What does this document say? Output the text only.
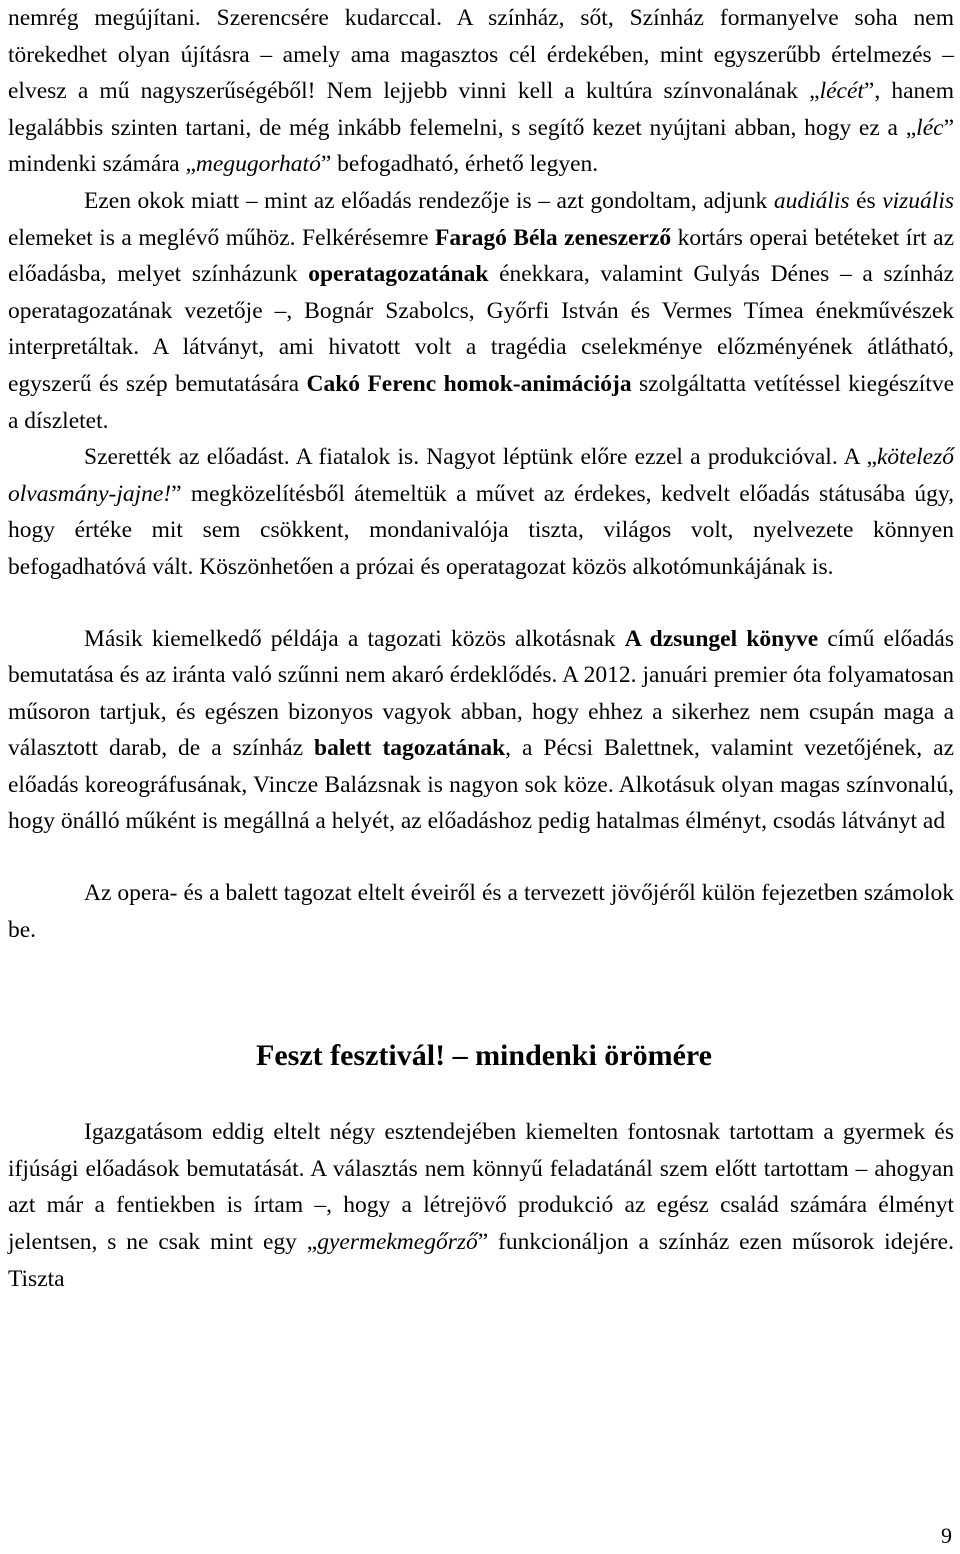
nemrég megújítani. Szerencsére kudarccal. A színház, sőt, Színház formanyelve soha nem törekedhet olyan újításra – amely ama magasztos cél érdekében, mint egyszerűbb értelmezés – elvesz a mű nagyszerűségéből! Nem lejjebb vinni kell a kultúra színvonalának „lécét”, hanem legalábbis szinten tartani, de még inkább felemelni, s segítő kezet nyújtani abban, hogy ez a „léc” mindenki számára „megugorható” befogadható, érhető legyen.

Ezen okok miatt – mint az előadás rendezője is – azt gondoltam, adjunk audiális és vizuális elemeket is a meglévő műhöz. Felkérésemre Faragó Béla zeneszerző kortárs operai betéteket írt az előadásba, melyet színházunk operatagozatának énekkara, valamint Gulyás Dénes – a színház operatagozatának vezetője –, Bognár Szabolcs, Győrfi István és Vermes Tímea énekművészek interpretáltak. A látványt, ami hivatott volt a tragédia cselekménye előzményének átlátható, egyszerű és szép bemutatására Cakó Ferenc homok-animációja szolgáltatta vetítéssel kiegészítve a díszletet.

Szerették az előadást. A fiatalok is. Nagyot léptünk előre ezzel a produkcióval. A „kötelező olvasmány-jajne!” megközelítésből átemeltük a művet az érdekes, kedvelt előadás státusába úgy, hogy értéke mit sem csökkent, mondanivalója tiszta, világos volt, nyelvezete könnyen befogadhatóvá vált. Köszönhetően a prózai és operatagozat közös alkotómunkájának is.

Másik kiemelkedő példája a tagozati közös alkotásnak A dzsungel könyve című előadás bemutatása és az iránta való szűnni nem akaró érdeklődés. A 2012. januári premier óta folyamatosan műsoron tartjuk, és egészen bizonyos vagyok abban, hogy ehhez a sikerhez nem csupán maga a választott darab, de a színház balett tagozatának, a Pécsi Balettnek, valamint vezetőjének, az előadás koreográfusának, Vincze Balázsnak is nagyon sok köze. Alkotásuk olyan magas színvonalú, hogy önálló műként is megállná a helyét, az előadáshoz pedig hatalmas élményt, csodás látványt ad

Az opera- és a balett tagozat eltelt éveiről és a tervezett jövőjéről külön fejezetben számolok be.

Feszt fesztivál! – mindenki örömére

Igazgatásom eddig eltelt négy esztendejében kiemelten fontosnak tartottam a gyermek és ifjúsági előadások bemutatását. A választás nem könnyű feladatánál szem előtt tartottam – ahogyan azt már a fentiekben is írtam –, hogy a létrejövő produkció az egész család számára élményt jelentsen, s ne csak mint egy „gyermekmegőrző” funkcionáljon a színház ezen műsorok idejére. Tiszta

9
